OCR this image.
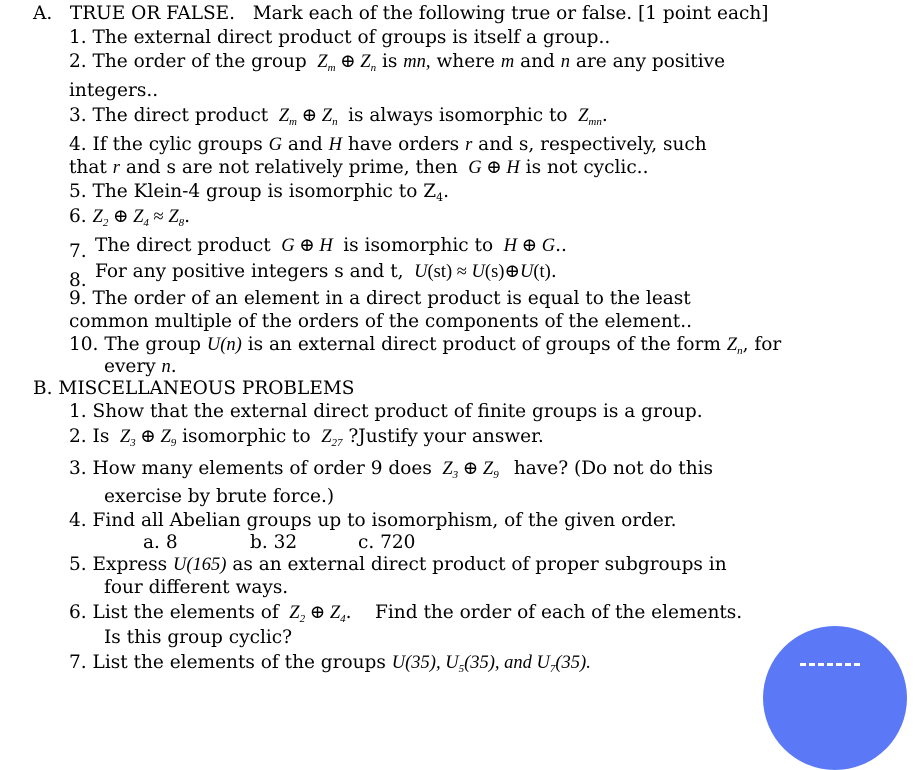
A. TRUE OR FALSE. Mark each of the following true or false. [1 point each]
1. The external direct product of groups is itself a group..
2. The order of the group  $Z_m$ ⊕ $Z_n$ is mn, where m and n are any positive
integers..
3. The direct product  $Z_m$ ⊕ $Z_n$ is always isomorphic to  $Z_{mn}$.
4. If the cylic groups G and H have orders r and s, respectively, such
that r and s are not relatively prime, then G ⊕ H is not cyclic..
5. The Klein-4 group is isomorphic to $Z_4$.
6. $Z_2$ ⊕ $Z_4 \approx Z_8$.
7. The direct product G ⊕ H is isomorphic to H ⊕ G..
8. For any positive integers s and t, U(st) ≈ U(s)⊕U(t).
9. The order of an element in a direct product is equal to the least
common multiple of the orders of the components of the element..
10. The group U(n) is an external direct product of groups of the form $Z_n$, for
every n.
B. MISCELLANEOUS PROBLEMS
1. Show that the external direct product of finite groups is a group.
2. Is  $Z_3$ ⊕ $Z_9$ isomorphic to  $Z_{27}$ ?Justify your answer.
3. How many elements of order 9 does  $Z_3$ ⊕ $Z_9$ have? (Do not do this
exercise by brute force.)
4. Find all Abelian groups up to isomorphism, of the given order.
a. 8	b. 32	c. 720
5. Express U(165) as an external direct product of proper subgroups in
four different ways.
6. List the elements of  $Z_2$ ⊕ $Z_4$. Find the order of each of the elements.
Is this group cyclic?
7. List the elements of the groups U(35), $U_5(35)$, and $U_7(35)$.
